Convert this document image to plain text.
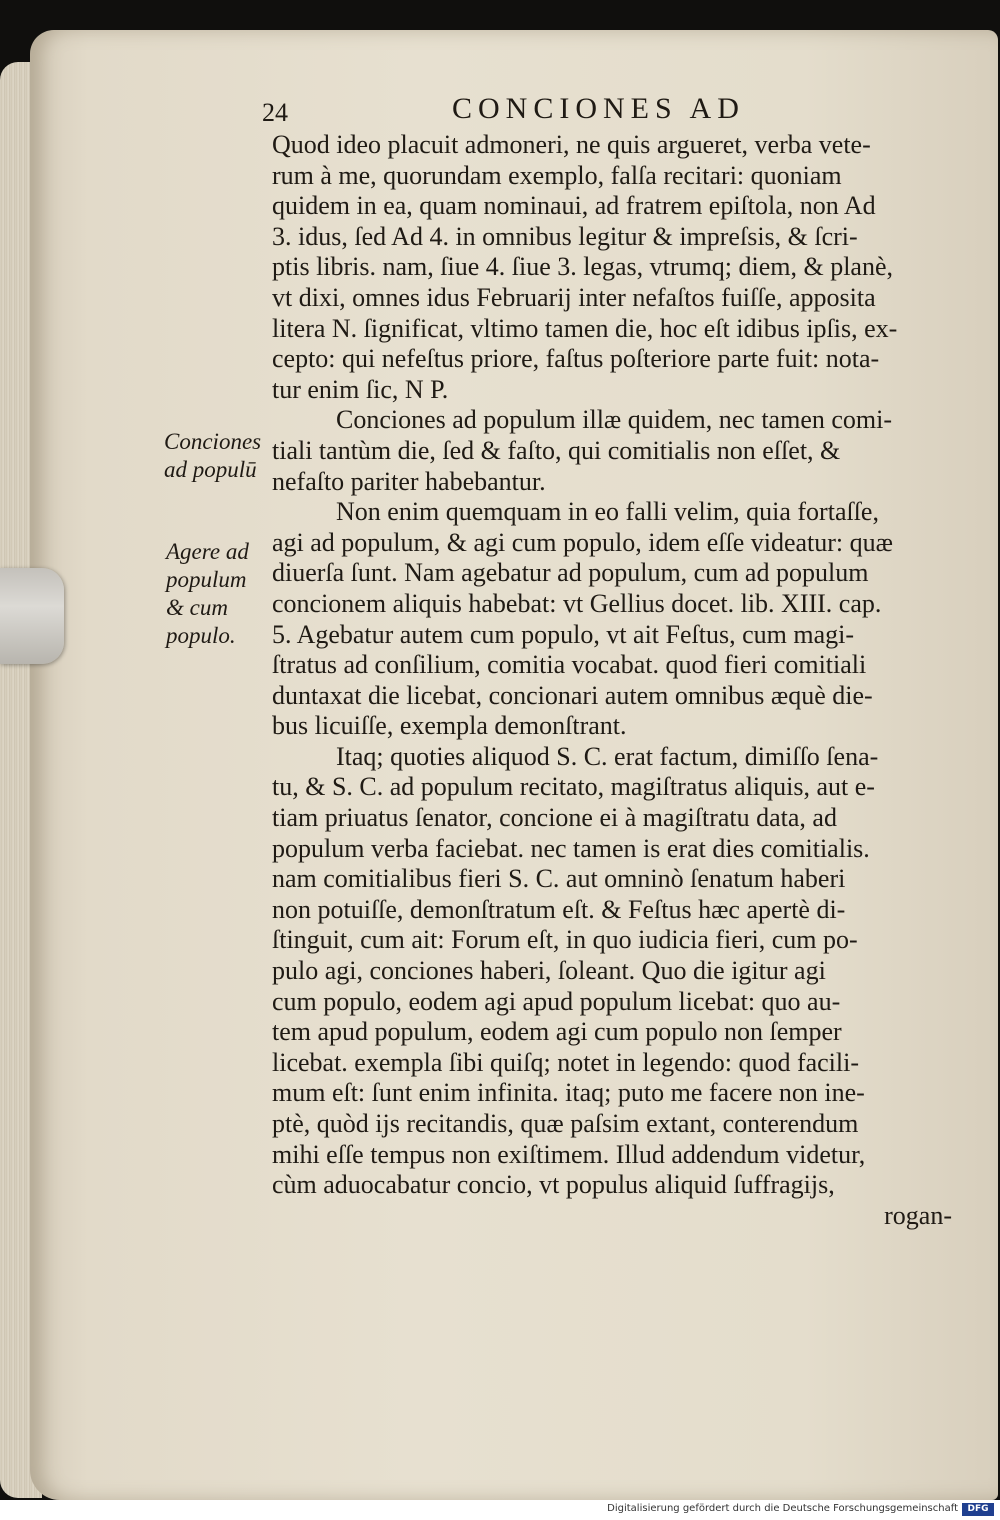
24	CONCIONES AD
Conciones
ad populū
Agere ad
populum
& cum
populo.
Quod ideo placuit admoneri, ne quis argueret, verba vete-
rum à me, quorundam exemplo, falſa recitari: quoniam
quidem in ea, quam nominaui, ad fratrem epiſtola, non Ad
3. idus, ſed Ad 4. in omnibus legitur & impreſsis, & ſcri-
ptis libris. nam, ſiue 4. ſiue 3. legas, vtrumq; diem, & planè,
vt dixi, omnes idus Februarij inter nefaſtos fuiſſe, apposita
litera N. ſignificat, vltimo tamen die, hoc eſt idibus ipſis, ex-
cepto: qui nefeſtus priore, faſtus poſteriore parte fuit: nota-
tur enim ſic, N P.
Conciones ad populum illæ quidem, nec tamen comi-
tiali tantùm die, ſed & faſto, qui comitialis non eſſet, &
nefaſto pariter habebantur.
Non enim quemquam in eo falli velim, quia fortaſſe,
agi ad populum, & agi cum populo, idem eſſe videatur: quæ
diuerſa ſunt. Nam agebatur ad populum, cum ad populum
concionem aliquis habebat: vt Gellius docet. lib. XIII. cap.
5. Agebatur autem cum populo, vt ait Feſtus, cum magi-
ſtratus ad conſilium, comitia vocabat. quod fieri comitiali
duntaxat die licebat, concionari autem omnibus æquè die-
bus licuiſſe, exempla demonſtrant.
Itaq; quoties aliquod S. C. erat factum, dimiſſo ſena-
tu, & S. C. ad populum recitato, magiſtratus aliquis, aut e-
tiam priuatus ſenator, concione ei à magiſtratu data, ad
populum verba faciebat. nec tamen is erat dies comitialis.
nam comitialibus fieri S. C. aut omninò ſenatum haberi
non potuiſſe, demonſtratum eſt. & Feſtus hæc apertè di-
ſtinguit, cum ait: Forum eſt, in quo iudicia fieri, cum po-
pulo agi, conciones haberi, ſoleant. Quo die igitur agi
cum populo, eodem agi apud populum licebat: quo au-
tem apud populum, eodem agi cum populo non ſemper
licebat. exempla ſibi quiſq; notet in legendo: quod facili-
mum eſt: ſunt enim infinita. itaq; puto me facere non ine-
ptè, quòd ijs recitandis, quæ paſsim extant, conterendum
mihi eſſe tempus non exiſtimem. Illud addendum videtur,
cùm aduocabatur concio, vt populus aliquid ſuffragijs,
rogan-
Digitalisierung gefördert durch die Deutsche Forschungsgemeinschaft	DFG
